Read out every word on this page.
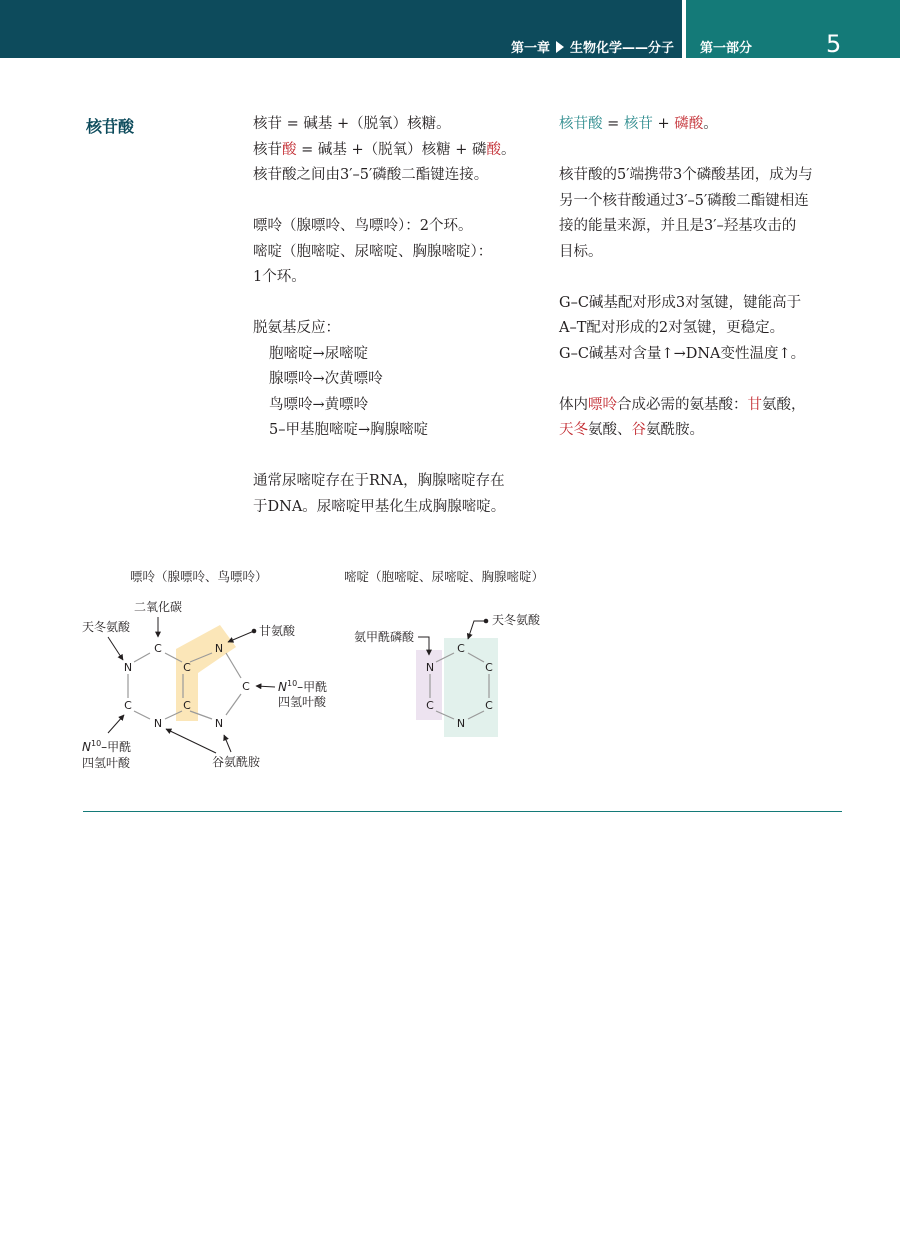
第一章 生物化学——分子 第一部分	5
核苷酸	核苷 = 碱基 +（脱氧）核糖。
核苷酸 = 碱基 +（脱氧）核糖 + 磷酸。
核苷酸之间由3′–5′磷酸二酯键连接。
嘌呤（腺嘌呤、鸟嘌呤）：2个环。
嘧啶（胞嘧啶、尿嘧啶、胸腺嘧啶）：
1个环。
脱氨基反应：
胞嘧啶→尿嘧啶
腺嘌呤→次黄嘌呤
鸟嘌呤→黄嘌呤
5–甲基胞嘧啶→胸腺嘧啶
通常尿嘧啶存在于RNA，胸腺嘧啶存在
于DNA。尿嘧啶甲基化生成胸腺嘧啶。
核苷酸 = 核苷 + 磷酸。
核苷酸的5′端携带3个磷酸基团，成为与
另一个核苷酸通过3′–5′磷酸二酯键相连
接的能量来源，并且是3′–羟基攻击的
目标。
G–C碱基配对形成3对氢键，键能高于
A–T配对形成的2对氢键，更稳定。
G–C碱基对含量↑→DNA变性温度↑。
体内嘌呤合成必需的氨基酸：甘氨酸，
天冬氨酸、谷氨酰胺。
嘌呤（腺嘌呤、鸟嘌呤）	嘧啶（胞嘧啶、尿嘧啶、胸腺嘧啶）
C
N
C
N
C
C
N
C
N
二氧化碳
天冬氨酸	甘氨酸
$N^{10}-$甲酰
四氢叶酸
$N^{10}-$甲酰
四氢叶酸	谷氨酰胺
C
N
C
N
C
C
氨甲酰磷酸
天冬氨酸
